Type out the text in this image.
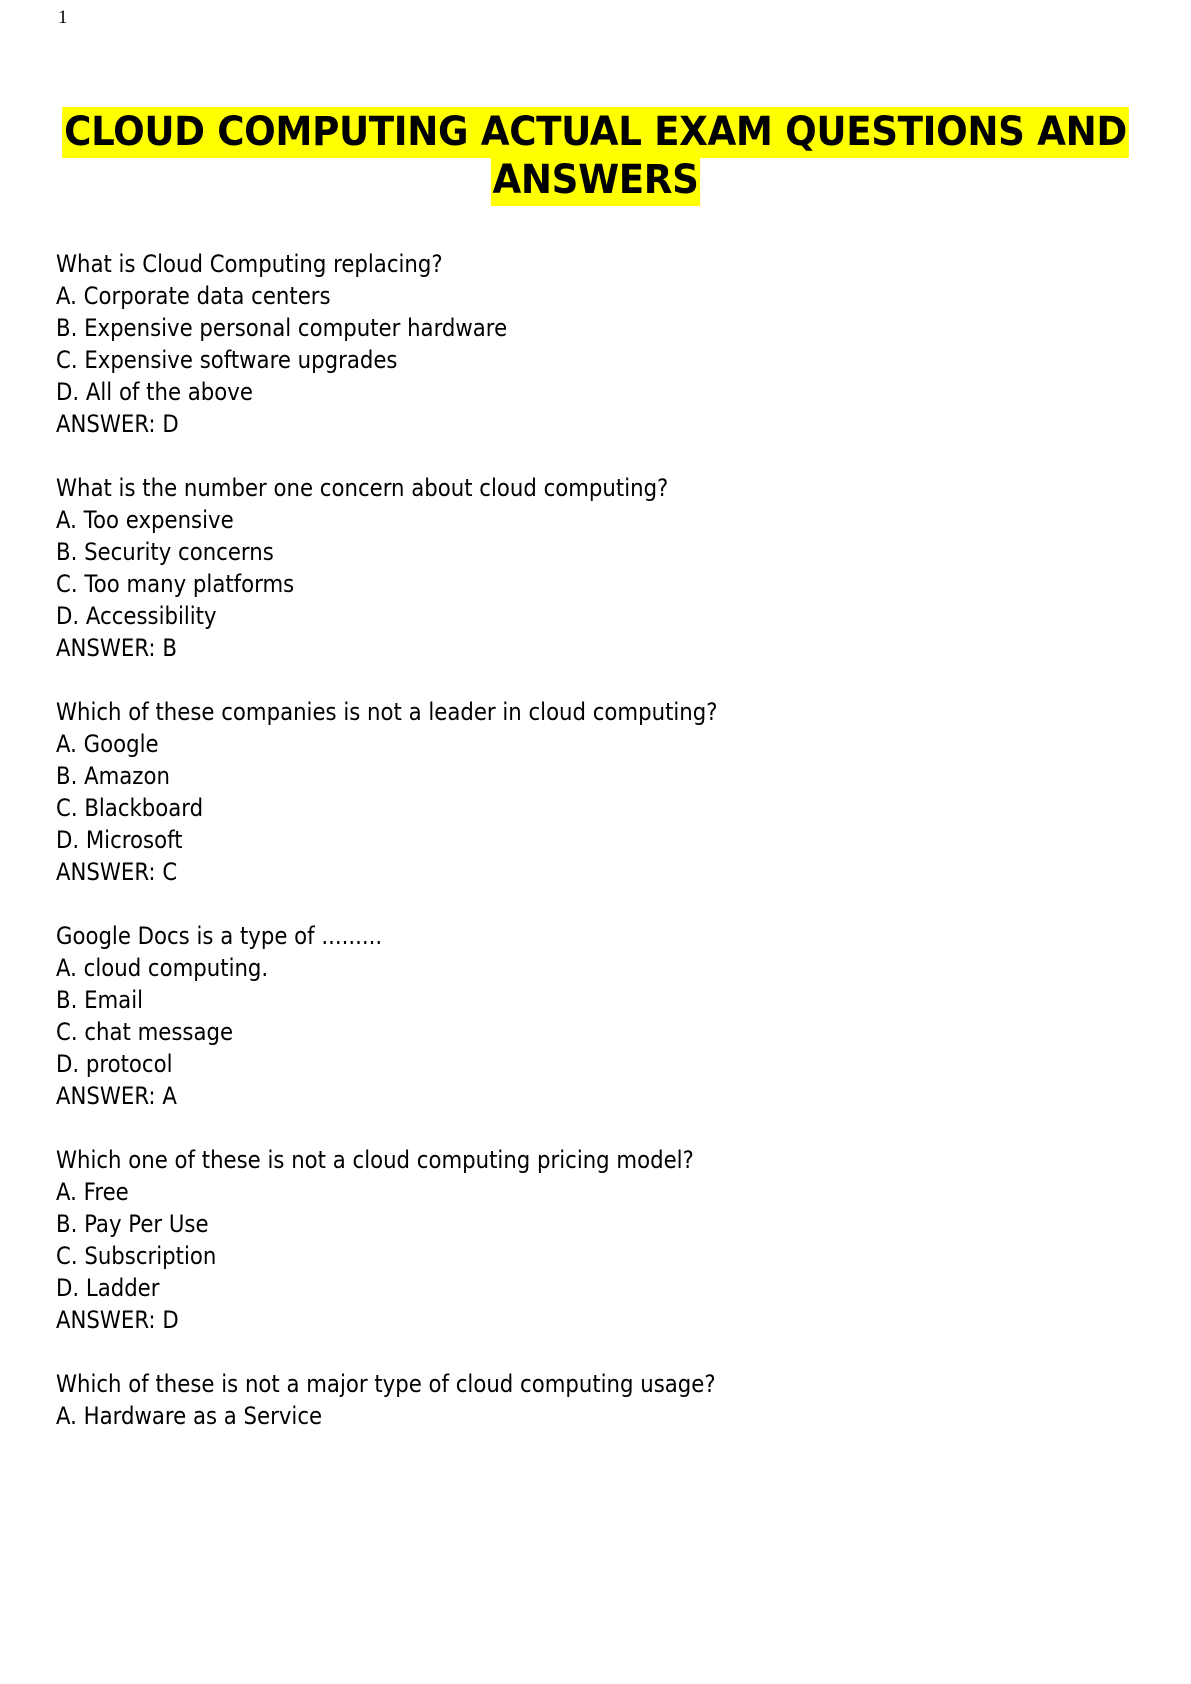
1
CLOUD COMPUTING ACTUAL EXAM QUESTIONS AND
ANSWERS
What is Cloud Computing replacing?
A. Corporate data centers
B. Expensive personal computer hardware
C. Expensive software upgrades
D. All of the above
ANSWER: D
What is the number one concern about cloud computing?
A. Too expensive
B. Security concerns
C. Too many platforms
D. Accessibility
ANSWER: B
Which of these companies is not a leader in cloud computing?
A. Google
B. Amazon
C. Blackboard
D. Microsoft
ANSWER: C
Google Docs is a type of .........
A. cloud computing.
B. Email
C. chat message
D. protocol
ANSWER: A
Which one of these is not a cloud computing pricing model?
A. Free
B. Pay Per Use
C. Subscription
D. Ladder
ANSWER: D
Which of these is not a major type of cloud computing usage?
A. Hardware as a Service
